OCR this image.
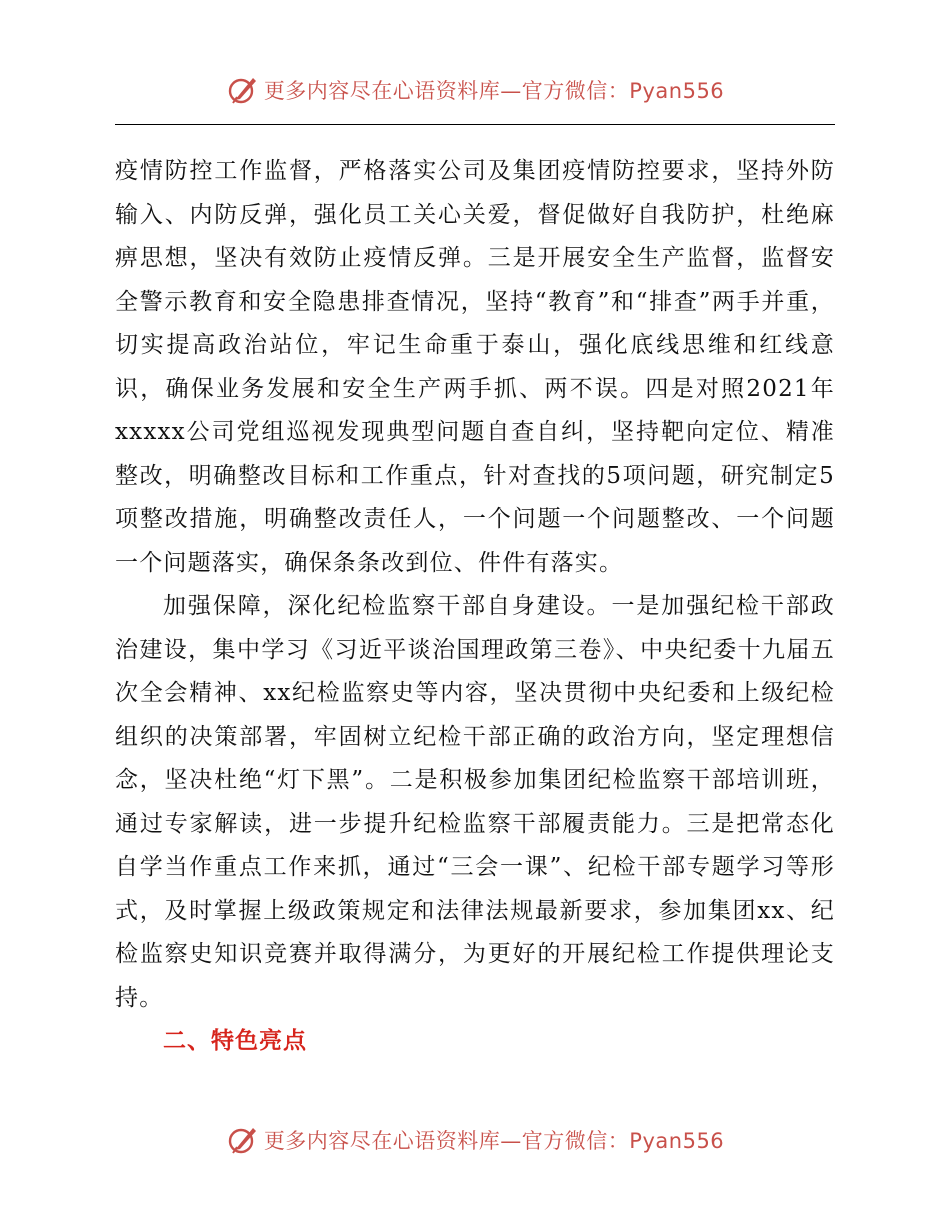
更多内容尽在心语资料库—官方微信：Pyan556

疫情防控工作监督，严格落实公司及集团疫情防控要求，坚持外防输入、内防反弹，强化员工关心关爱，督促做好自我防护，杜绝麻痹思想，坚决有效防止疫情反弹。三是开展安全生产监督，监督安全警示教育和安全隐患排查情况，坚持“教育”和“排查”两手并重，切实提高政治站位，牢记生命重于泰山，强化底线思维和红线意识，确保业务发展和安全生产两手抓、两不误。四是对照2021年xxxxx公司党组巡视发现典型问题自查自纠，坚持靶向定位、精准整改，明确整改目标和工作重点，针对查找的5项问题，研究制定5项整改措施，明确整改责任人，一个问题一个问题整改、一个问题一个问题落实，确保条条改到位、件件有落实。

加强保障，深化纪检监察干部自身建设。一是加强纪检干部政治建设，集中学习《习近平谈治国理政第三卷》、中央纪委十九届五次全会精神、xx纪检监察史等内容，坚决贯彻中央纪委和上级纪检组织的决策部署，牢固树立纪检干部正确的政治方向，坚定理想信念，坚决杜绝“灯下黑”。二是积极参加集团纪检监察干部培训班，通过专家解读，进一步提升纪检监察干部履责能力。三是把常态化自学当作重点工作来抓，通过“三会一课”、纪检干部专题学习等形式，及时掌握上级政策规定和法律法规最新要求，参加集团xx、纪检监察史知识竞赛并取得满分，为更好的开展纪检工作提供理论支持。

二、特色亮点

更多内容尽在心语资料库—官方微信：Pyan556
